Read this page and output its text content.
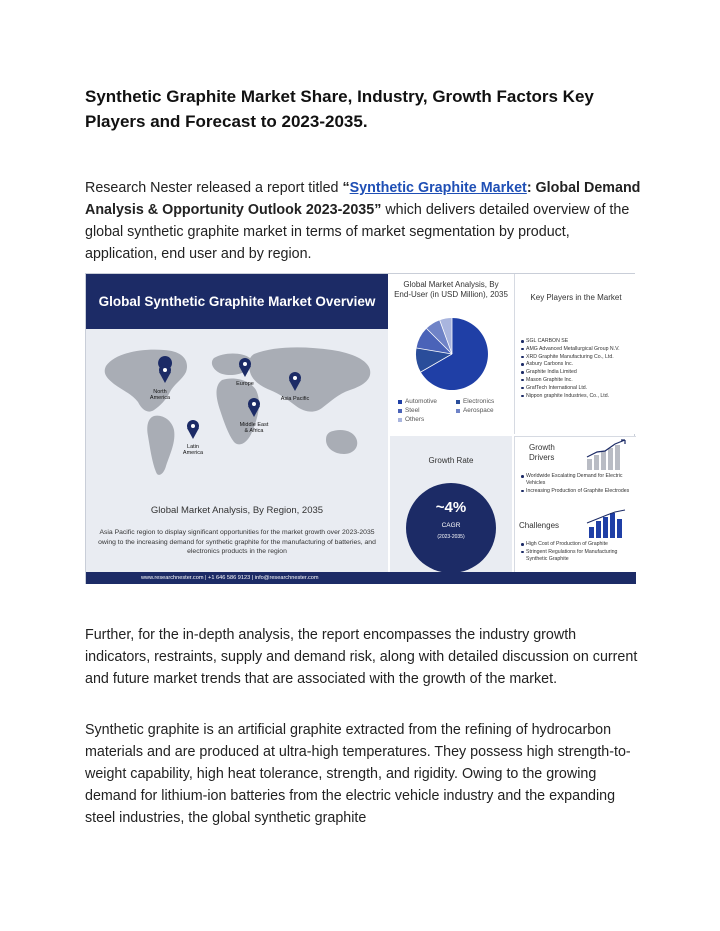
Synthetic Graphite Market Share, Industry, Growth Factors Key Players and Forecast to 2023-2035.
Research Nester released a report titled “Synthetic Graphite Market: Global Demand Analysis & Opportunity Outlook 2023-2035” which delivers detailed overview of the global synthetic graphite market in terms of market segmentation by product, application, end user and by region.
Global Synthetic Graphite Market Overview
North
America
Europe
Asia Pacific
Middle East
& Africa
Latin
America
Global Market Analysis, By Region, 2035
Asia Pacific region to display significant opportunities for the market growth over 2023-2035 owing to the increasing demand for synthetic graphite for the manufacturing of batteries, and electronics products in the region
Global Market Analysis, By End-User (in USD Million), 2035
Automotive	Electronics
Steel	Aerospace
Others
Growth Rate
~4%
CAGR
(2023-2035)
Key Players in the Market
SGL CARBON SE
AMG Advanced Metallurgical Group N.V.
XRD Graphite Manufacturing Co., Ltd.
Asbury Carbons Inc.
Graphite India Limited
Mason Graphite Inc.
GrafTech International Ltd.
Nippon graphite Industries, Co., Ltd.
Growth Drivers
Worldwide Escalating Demand for Electric Vehicles
Increasing Production of Graphite Electrodes
Challenges
High Cost of Production of Graphite
Stringent Regulations for Manufacturing Synthetic Graphite
www.researchnester.com | +1 646 586 9123 | info@researchnester.com
Further, for the in-depth analysis, the report encompasses the industry growth indicators, restraints, supply and demand risk, along with detailed discussion on current and future market trends that are associated with the growth of the market.
Synthetic graphite is an artificial graphite extracted from the refining of hydrocarbon materials and are produced at ultra-high temperatures. They possess high strength-to-weight capability, high heat tolerance, strength, and rigidity. Owing to the growing demand for lithium-ion batteries from the electric vehicle industry and the expanding steel industries, the global synthetic graphite
